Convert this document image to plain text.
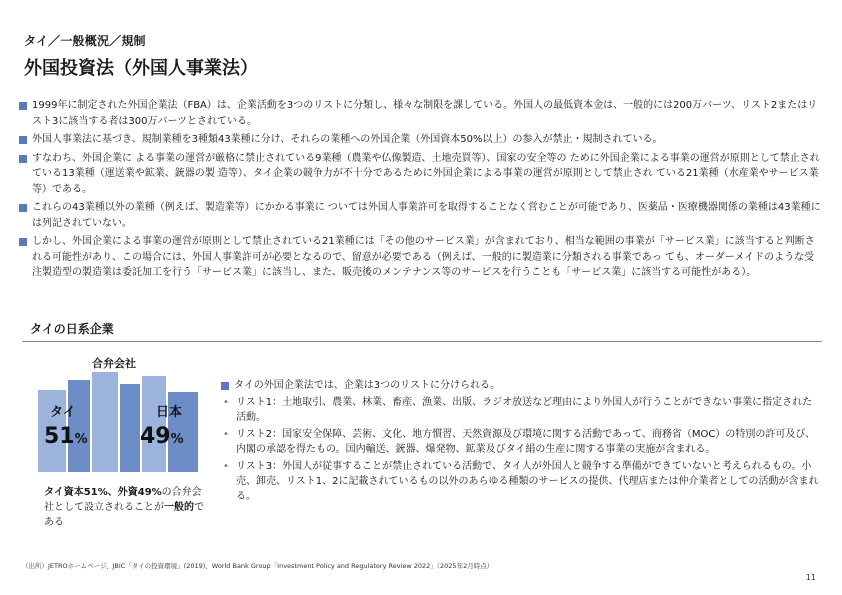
タイ／一般概況／規制
外国投資法（外国人事業法）
1999年に制定された外国企業法（FBA）は、企業活動を3つのリストに分類し、様々な制限を課している。外国人の最低資本金は、一般的には200万バーツ、リスト2またはリスト3に該当する者は300万バーツとされている。
外国人事業法に基づき、規制業種を3種類43業種に分け、それらの業種への外国企業（外国資本50%以上）の参入が禁止・規制されている。
すなわち、外国企業に よる事業の運営が厳格に禁止されている9業種（農業や仏像製造、土地売買等）、国家の安全等の ために外国企業による事業の運営が原則として禁止されている13業種（運送業や鉱業、銃器の製 造等）、タイ企業の競争力が不十分であるために外国企業による事業の運営が原則として禁止され ている21業種（水産業やサービス業等）である。
これらの43業種以外の業種（例えば、製造業等）にかかる事業に ついては外国人事業許可を取得することなく営むことが可能であり、医薬品・医療機器関係の業種は43業種には列記されていない。
しかし、外国企業による事業の運営が原則として禁止されている21業種には「その他のサービス業」が含まれており、相当な範囲の事業が「サービス業」に該当すると判断される可能性があり、この場合には、外国人事業許可が必要となるので、留意が必要である（例えば、一般的に製造業に分類される事業であっ ても、オーダーメイドのような受注製造型の製造業は委託加工を行う「サービス業」に該当し、また、販売後のメンテナンス等のサービスを行うことも「サービス業」に該当する可能性がある）。
タイの日系企業
合弁会社
タイ
51%
日本
49%
タイ資本51%、外資49%の合弁会社として設立されることが一般的である
タイの外国企業法では、企業は3つのリストに分けられる。
• リスト1：土地取引、農業、林業、畜産、漁業、出版、ラジオ放送など理由により外国人が行うことができない事業に指定された活動。
• リスト2：国家安全保障、芸術、文化、地方慣習、天然資源及び環境に関する活動であって、商務省（MOC）の特別の許可及び、内閣の承認を得たもの。国内輸送、銃器、爆発物、鉱業及びタイ絹の生産に関する事業の実施が含まれる。
• リスト3：外国人が従事することが禁止されている活動で、タイ人が外国人と競争する準備ができていないと考えられるもの。小売、卸売、リスト1、2に記載されているもの以外のあらゆる種類のサービスの提供、代理店または仲介業者としての活動が含まれる。
（出所）JETROホームページ、JBIC「タイの投資環境」(2019)、World Bank Group「Investment Policy and Regulatory Review 2022」（2025年2月時点）
11
